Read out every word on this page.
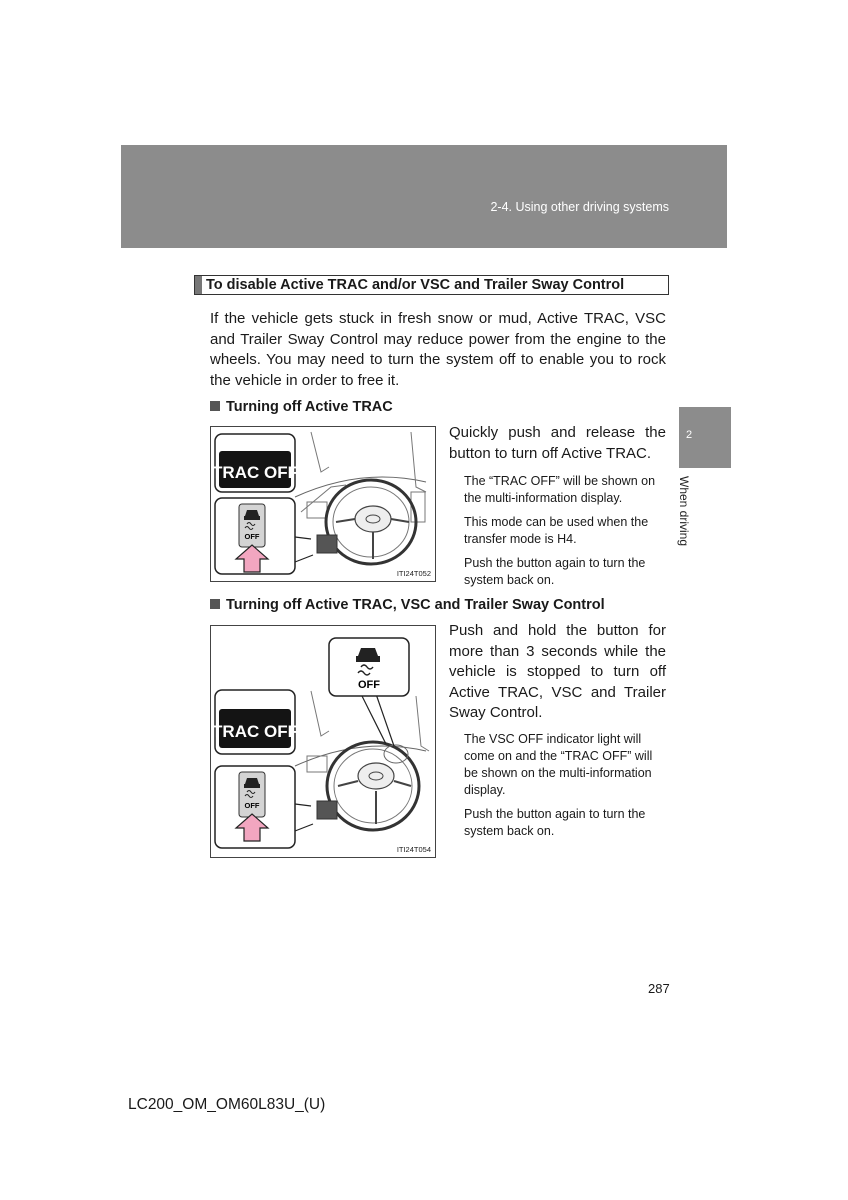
2-4. Using other driving systems
2
When driving
To disable Active TRAC and/or VSC and Trailer Sway Control

If the vehicle gets stuck in fresh snow or mud, Active TRAC, VSC and Trailer Sway Control may reduce power from the engine to the wheels. You may need to turn the system off to enable you to rock the vehicle in order to free it.

Turning off Active TRAC
TRAC OFF
OFF
ITI24T052

Quickly push and release the button to turn off Active TRAC.

The “TRAC OFF” will be shown on the multi-information display.

This mode can be used when the transfer mode is H4.

Push the button again to turn the system back on.

Turning off Active TRAC, VSC and Trailer Sway Control
OFF
TRAC OFF
OFF
ITI24T054

Push and hold the button for more than 3 seconds while the vehicle is stopped to turn off Active TRAC, VSC and Trailer Sway Control.

The VSC OFF indicator light will come on and the “TRAC OFF” will be shown on the multi-information display.

Push the button again to turn the system back on.

287
LC200_OM_OM60L83U_(U)
